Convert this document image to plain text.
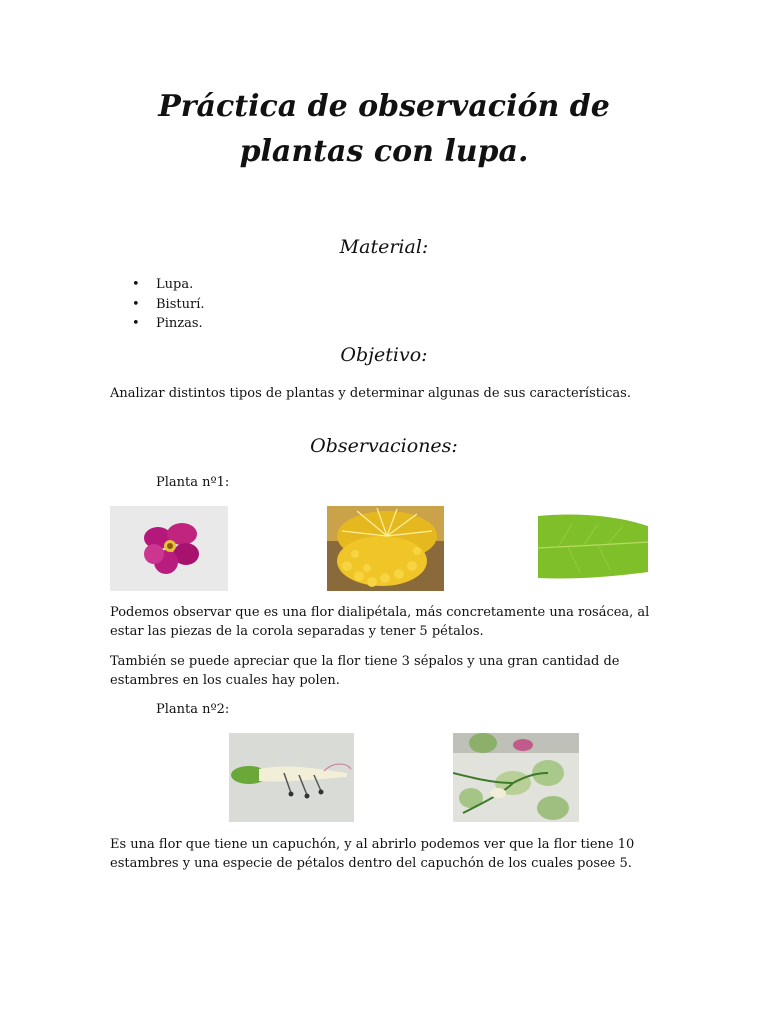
Práctica de observación de
plantas con lupa.
Material:
• Lupa.
• Bisturí.
• Pinzas.
Objetivo:

Analizar distintos tipos de plantas y determinar algunas de sus características.

Observaciones:

Planta nº1:

Podemos observar que es una flor dialipétala, más concretamente una rosácea, al estar las piezas de la corola separadas y tener 5 pétalos.

También se puede apreciar que la flor tiene 3 sépalos y una gran cantidad de estambres en los cuales hay polen.

Planta nº2:

Es una flor que tiene un capuchón, y al abrirlo podemos ver que la flor tiene 10 estambres y una especie de pétalos dentro del capuchón de los cuales posee 5.
